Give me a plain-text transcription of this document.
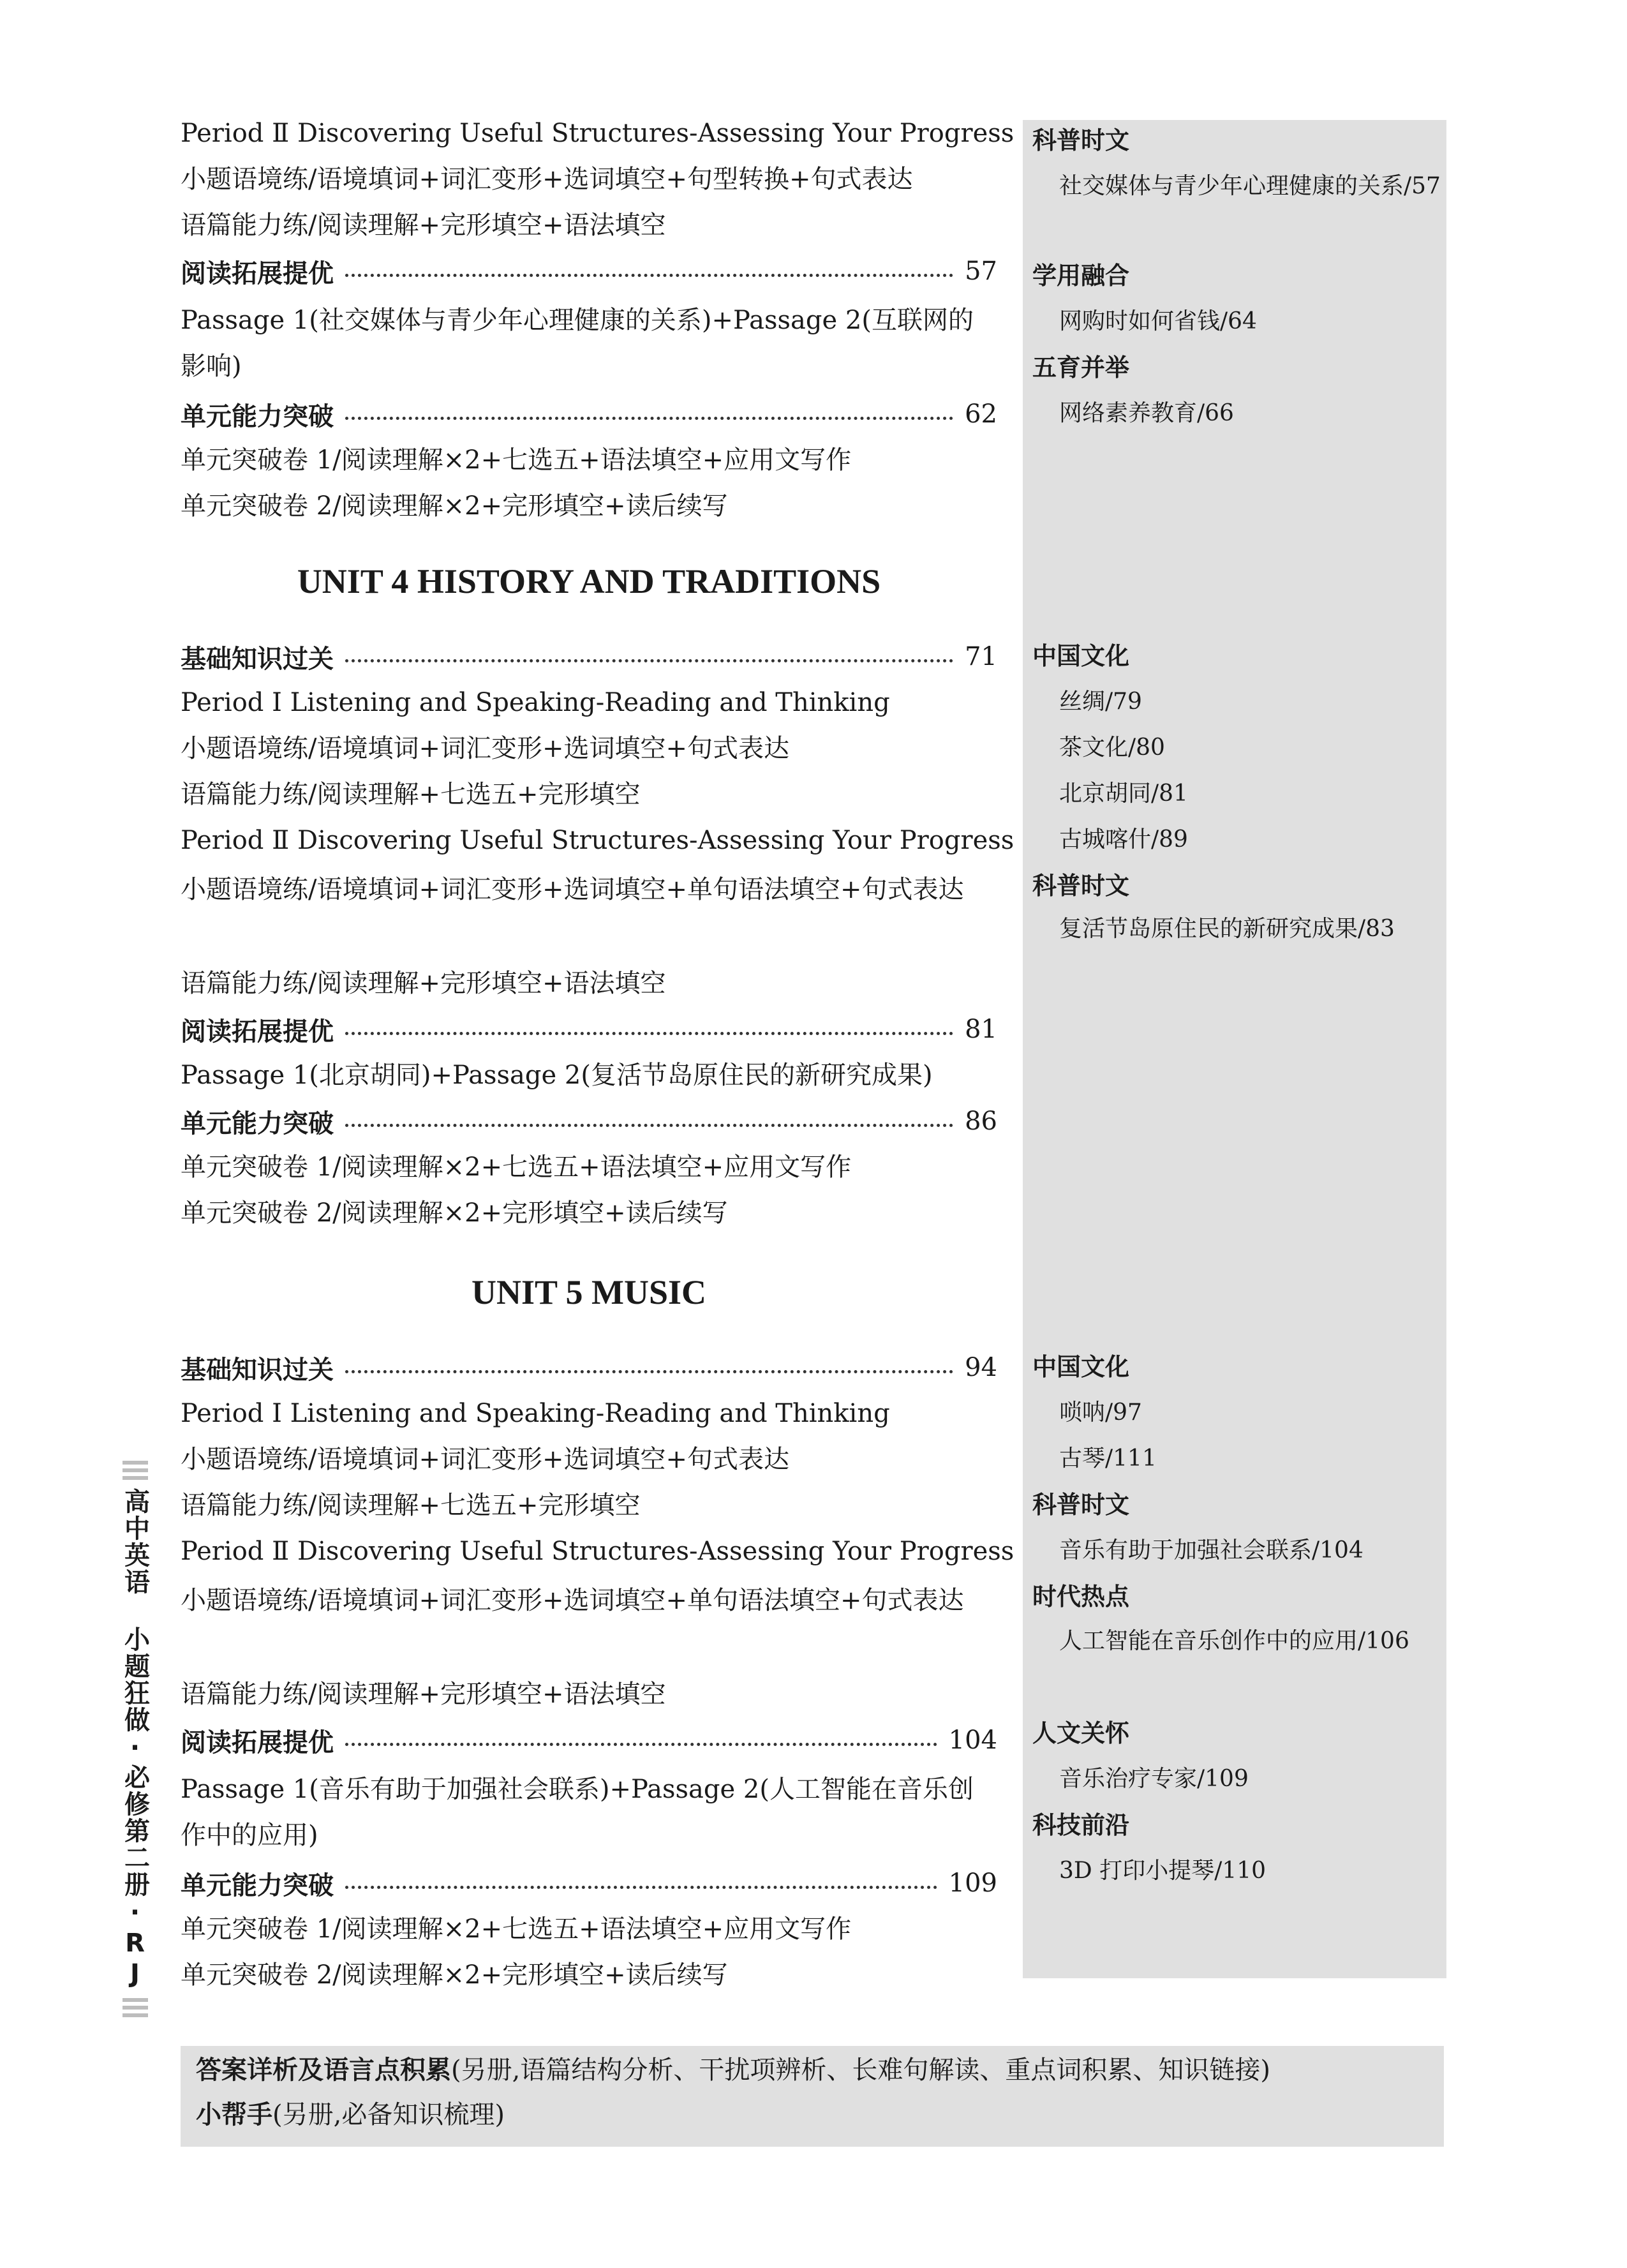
Period Ⅱ Discovering Useful Structures-Assessing Your Progress
小题语境练/语境填词+词汇变形+选词填空+句型转换+句式表达
语篇能力练/阅读理解+完形填空+语法填空
阅读拓展提优	57
Passage 1(社交媒体与青少年心理健康的关系)+Passage 2(互联网的影响)
单元能力突破	62
单元突破卷 1/阅读理解×2+七选五+语法填空+应用文写作
单元突破卷 2/阅读理解×2+完形填空+读后续写
UNIT 4 HISTORY AND TRADITIONS
基础知识过关	71
Period Ⅰ Listening and Speaking-Reading and Thinking
小题语境练/语境填词+词汇变形+选词填空+句式表达
语篇能力练/阅读理解+七选五+完形填空
Period Ⅱ Discovering Useful Structures-Assessing Your Progress
小题语境练/语境填词+词汇变形+选词填空+单句语法填空+句式表达
语篇能力练/阅读理解+完形填空+语法填空
阅读拓展提优	81
Passage 1(北京胡同)+Passage 2(复活节岛原住民的新研究成果)
单元能力突破	86
单元突破卷 1/阅读理解×2+七选五+语法填空+应用文写作
单元突破卷 2/阅读理解×2+完形填空+读后续写
UNIT 5 MUSIC
基础知识过关	94
Period Ⅰ Listening and Speaking-Reading and Thinking
小题语境练/语境填词+词汇变形+选词填空+句式表达
语篇能力练/阅读理解+七选五+完形填空
Period Ⅱ Discovering Useful Structures-Assessing Your Progress
小题语境练/语境填词+词汇变形+选词填空+单句语法填空+句式表达
语篇能力练/阅读理解+完形填空+语法填空
阅读拓展提优	104
Passage 1(音乐有助于加强社会联系)+Passage 2(人工智能在音乐创作中的应用)
单元能力突破	109
单元突破卷 1/阅读理解×2+七选五+语法填空+应用文写作
单元突破卷 2/阅读理解×2+完形填空+读后续写
科普时文
社交媒体与青少年心理健康的关系/57
学用融合
网购时如何省钱/64
五育并举
网络素养教育/66
中国文化
丝绸/79
茶文化/80
北京胡同/81
古城喀什/89
科普时文
复活节岛原住民的新研究成果/83
中国文化
唢呐/97
古琴/111
科普时文
音乐有助于加强社会联系/104
时代热点
人工智能在音乐创作中的应用/106
人文关怀
音乐治疗专家/109
科技前沿
3D 打印小提琴/110
答案详析及语言点积累(另册,语篇结构分析、干扰项辨析、长难句解读、重点词积累、知识链接)
小帮手(另册,必备知识梳理)
高中英语 小题狂做·必修第二册·RJ
